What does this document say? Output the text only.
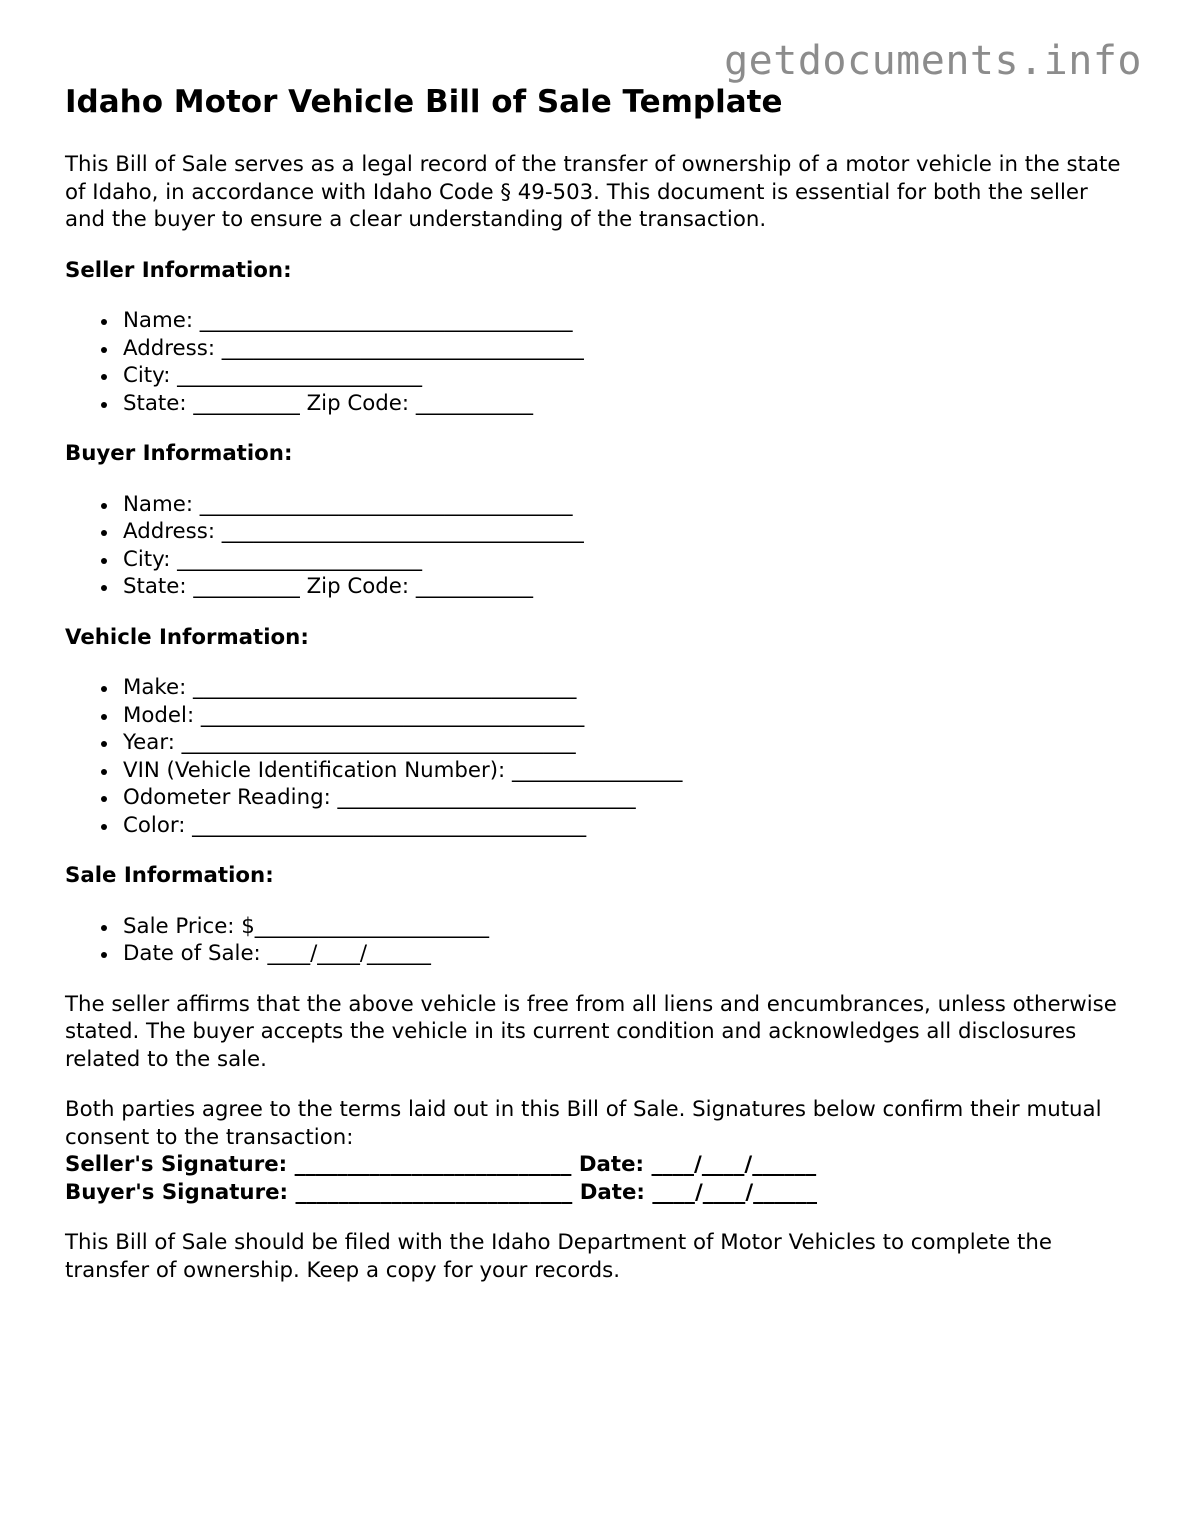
getdocuments.info
Idaho Motor Vehicle Bill of Sale Template

This Bill of Sale serves as a legal record of the transfer of ownership of a motor vehicle in the state of Idaho, in accordance with Idaho Code § 49-503. This document is essential for both the seller and the buyer to ensure a clear understanding of the transaction.

Seller Information:
Name: ___________________________________
Address: __________________________________
City: _______________________
State: __________ Zip Code: ___________
Buyer Information:
Name: ___________________________________
Address: __________________________________
City: _______________________
State: __________ Zip Code: ___________
Vehicle Information:
Make: ____________________________________
Model: ____________________________________
Year: _____________________________________
VIN (Vehicle Identification Number): ________________
Odometer Reading: ____________________________
Color: _____________________________________
Sale Information:
Sale Price: $______________________
Date of Sale: ____/____/______

The seller affirms that the above vehicle is free from all liens and encumbrances, unless otherwise stated. The buyer accepts the vehicle in its current condition and acknowledges all disclosures related to the sale.

Both parties agree to the terms laid out in this Bill of Sale. Signatures below confirm their mutual consent to the transaction:

Seller's Signature: __________________________ Date: ____/____/______
Buyer's Signature: __________________________ Date: ____/____/______

This Bill of Sale should be filed with the Idaho Department of Motor Vehicles to complete the transfer of ownership. Keep a copy for your records.
